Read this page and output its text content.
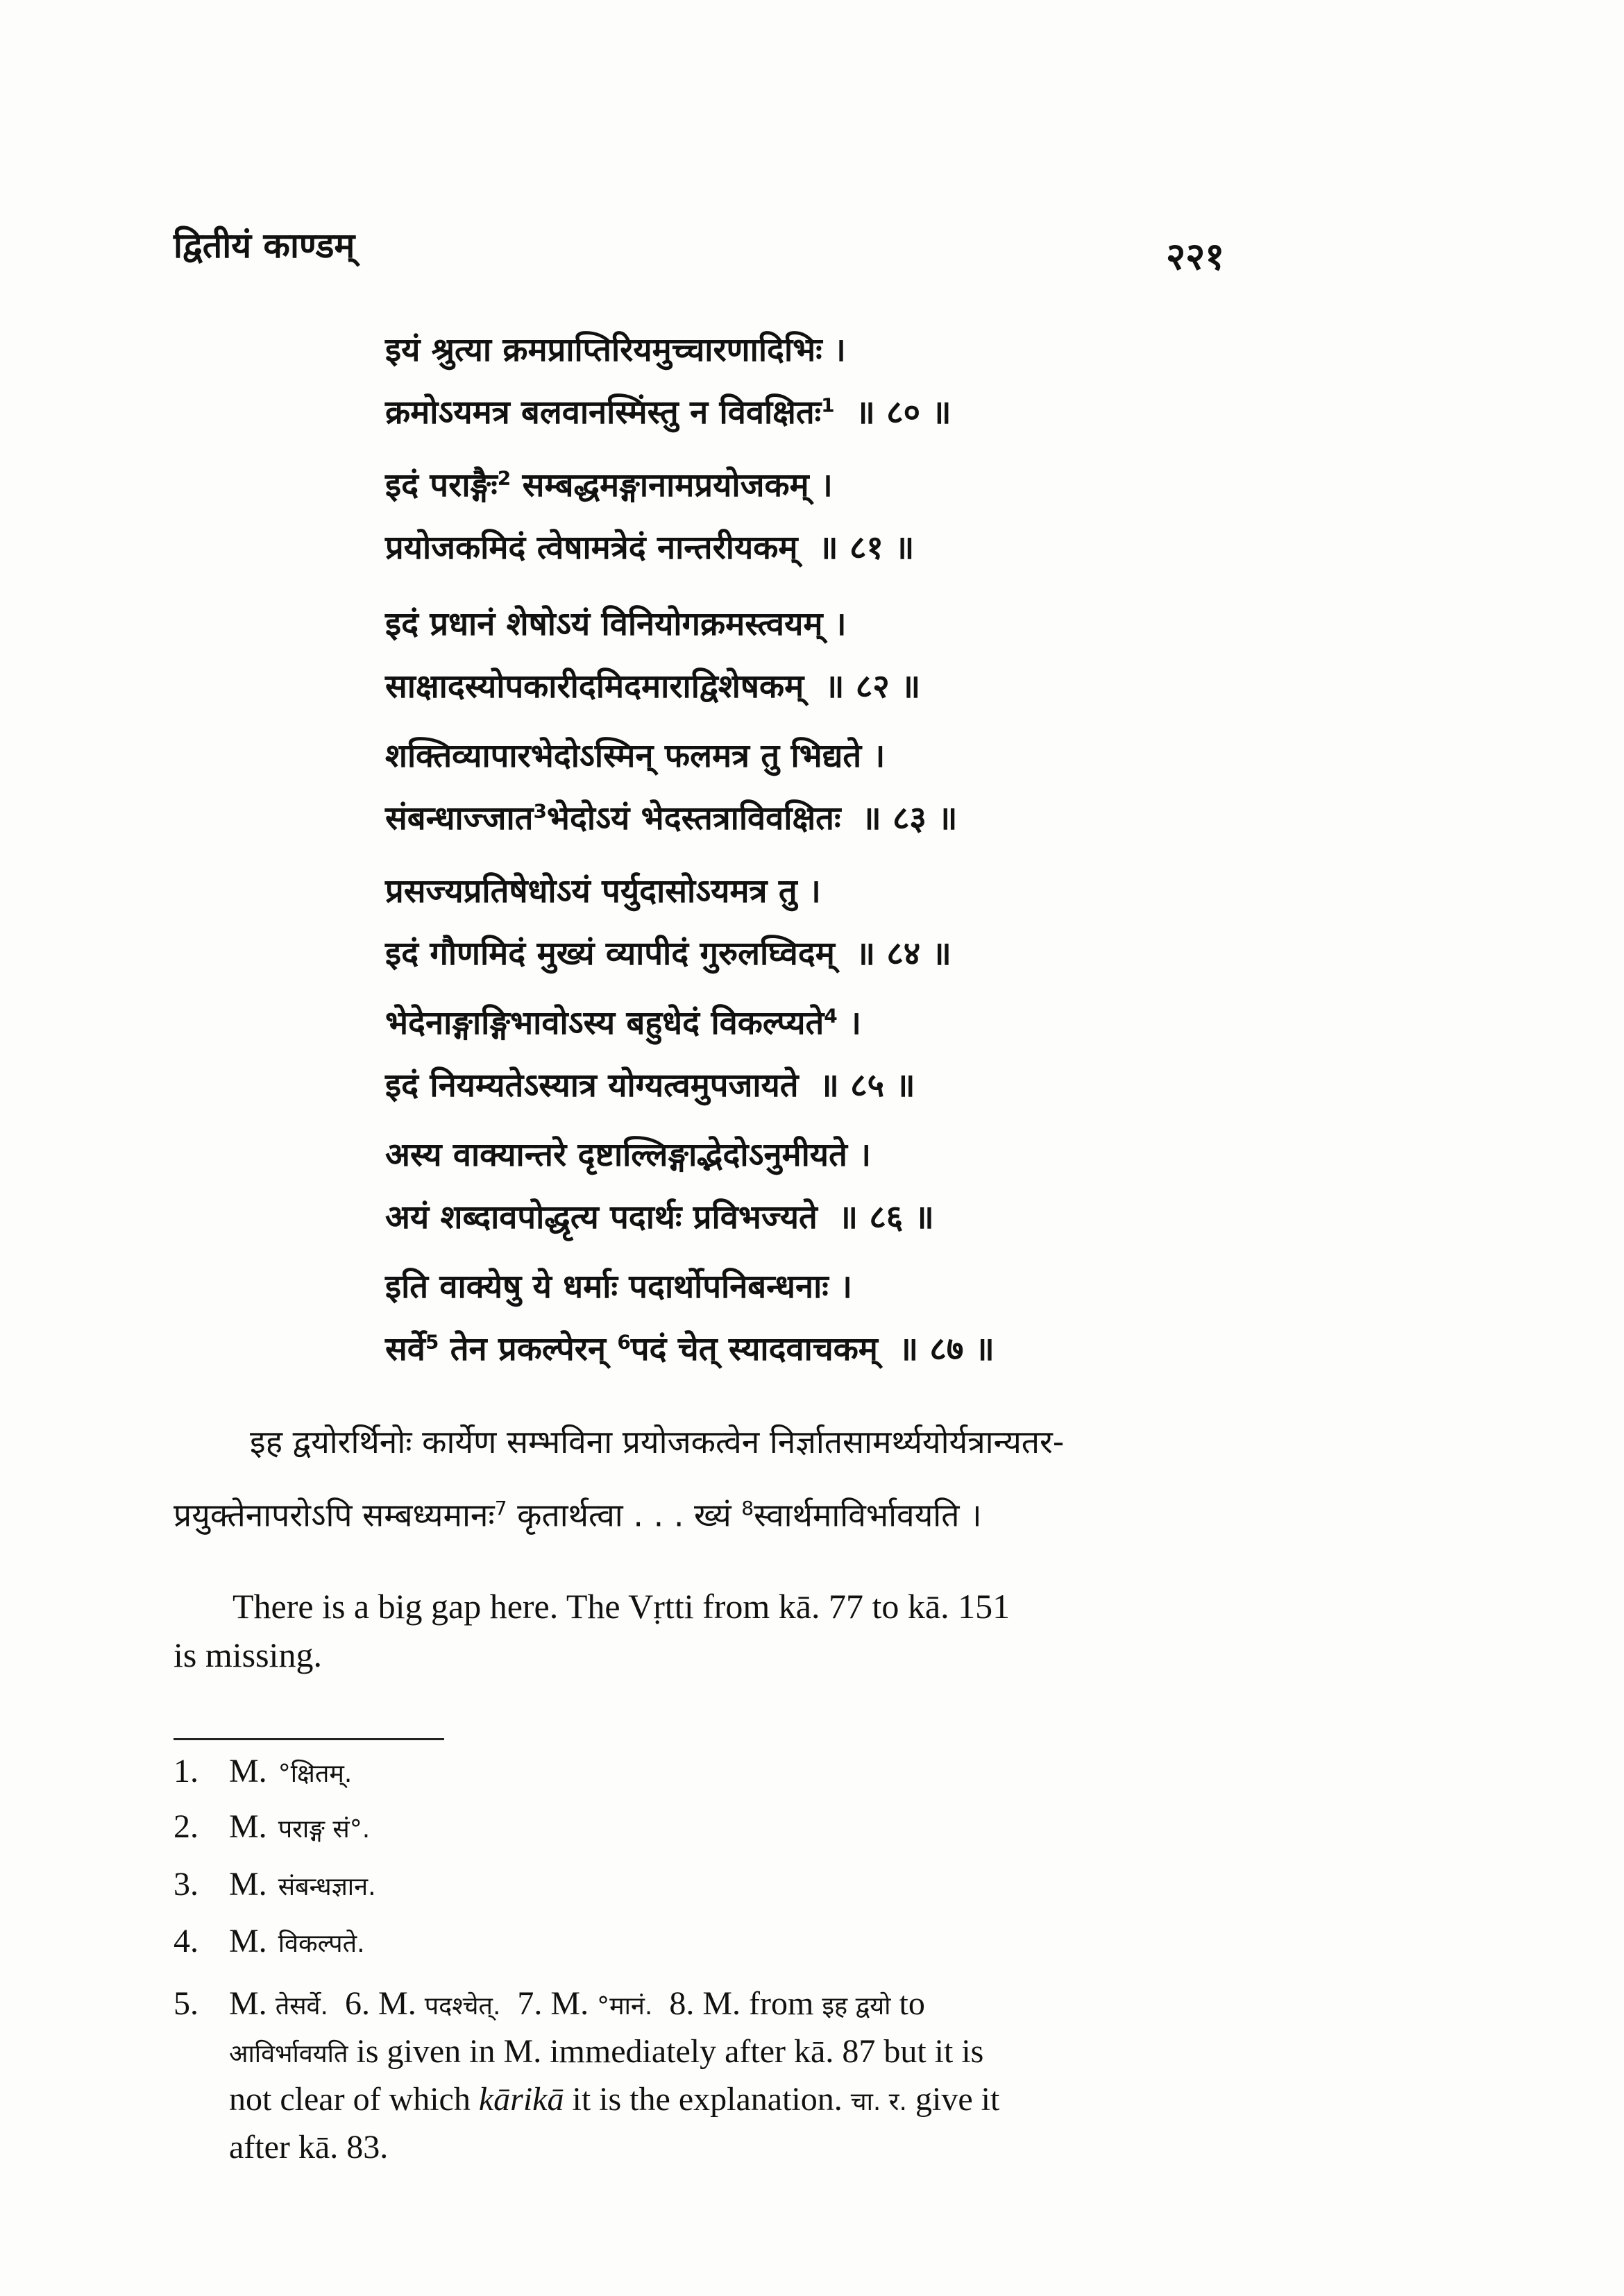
द्वितीयं काण्डम्	२२१
इयं श्रुत्या क्रमप्राप्तिरियमुच्चारणादिभिः ।
क्रमोऽयमत्र बलवानस्मिंस्तु न विवक्षितः$^1$ ॥ ८० ॥
इदं पराङ्गैः$^2$ सम्बद्धमङ्गानामप्रयोजकम् ।
प्रयोजकमिदं त्वेषामत्रेदं नान्तरीयकम् ॥ ८१ ॥
इदं प्रधानं शेषोऽयं विनियोगक्रमस्त्वयम् ।
साक्षादस्योपकारीदमिदमाराद्विशेषकम् ॥ ८२ ॥
शक्तिव्यापारभेदोऽस्मिन् फलमत्र तु भिद्यते ।
संबन्धाज्जात$^3$भेदोऽयं भेदस्तत्राविवक्षितः ॥ ८३ ॥
प्रसज्यप्रतिषेधोऽयं पर्युदासोऽयमत्र तु ।
इदं गौणमिदं मुख्यं व्यापीदं गुरुलघ्विदम् ॥ ८४ ॥
भेदेनाङ्गाङ्गिभावोऽस्य बहुधेदं विकल्प्यते$^4$ ।
इदं नियम्यतेऽस्यात्र योग्यत्वमुपजायते ॥ ८५ ॥
अस्य वाक्यान्तरे दृष्टाल्लिङ्गाद्भेदोऽनुमीयते ।
अयं शब्दावपोद्धृत्य पदार्थः प्रविभज्यते ॥ ८६ ॥
इति वाक्येषु ये धर्माः पदार्थोपनिबन्धनाः ।
सर्वे$^5$ तेन प्रकल्पेरन् $^6$पदं चेत् स्यादवाचकम् ॥ ८७ ॥
इह द्वयोरर्थिनोः कार्येण सम्भविना प्रयोजकत्वेन निर्ज्ञातसामर्थ्ययोर्यत्रान्यतर-
प्रयुक्तेनापरोऽपि सम्बध्यमानः$^7$ कृतार्थत्वा . . . ख्यं $^8$स्वार्थमाविर्भावयति ।
There is a big gap here. The Vṛtti from kā. 77 to kā. 151
is missing.
1. M. °क्षितम्.
2. M. पराङ्ग सं°.
3. M. संबन्धज्ञान.
4. M. विकल्पते.
5. M. तेसर्वे. 6. M. पदश्चेत्. 7. M. °मानं. 8. M. from इह द्वयो to
आविर्भावयति is given in M. immediately after kā. 87 but it is
not clear of which kārikā it is the explanation. चा. र. give it
after kā. 83.
